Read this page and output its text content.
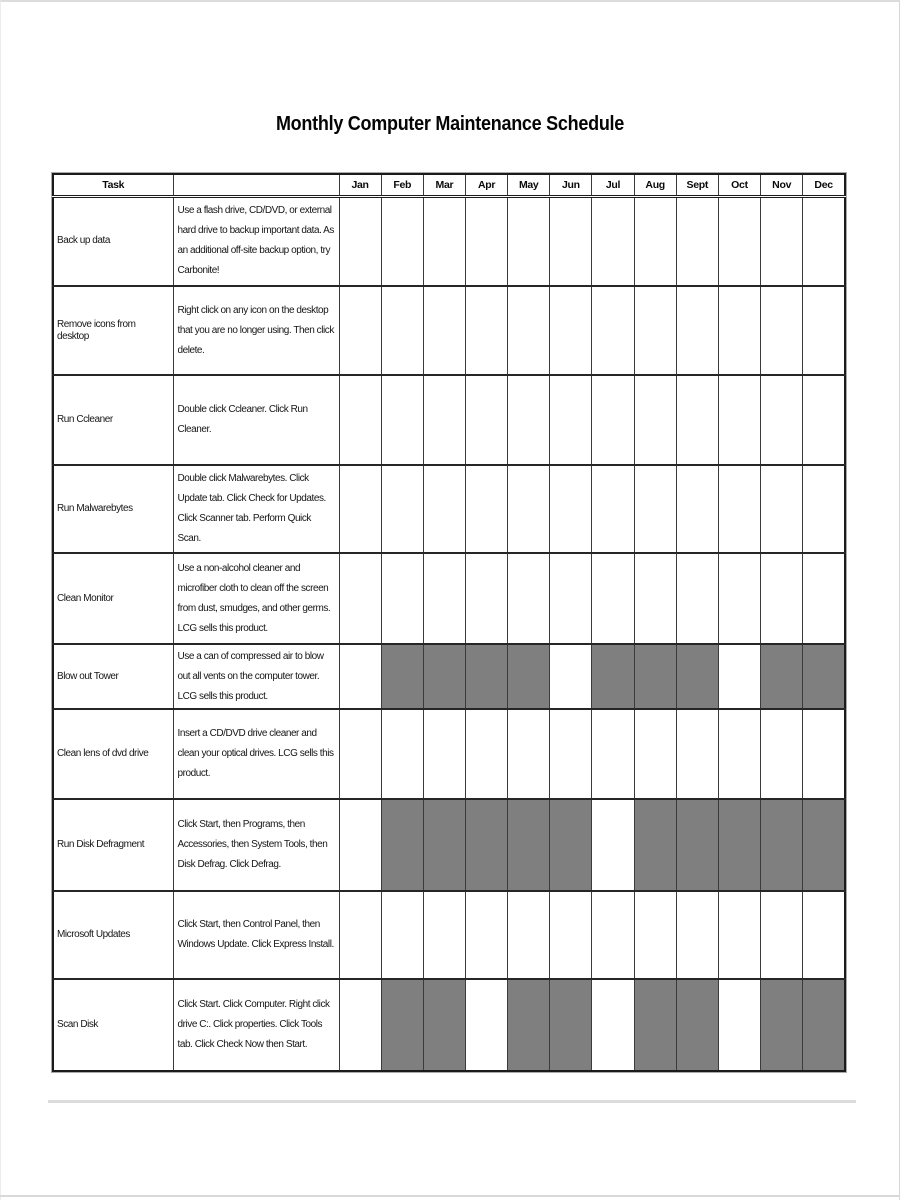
Monthly Computer Maintenance Schedule
Task		Jan	Feb	Mar	Apr	May	Jun	Jul	Aug	Sept	Oct	Nov	Dec
Back up data	Use a flash drive, CD/DVD, or external hard drive to backup important data. As an additional off-site backup option, try Carbonite!												
Remove icons from desktop	Right click on any icon on the desktop that you are no longer using. Then click delete.												
Run Ccleaner	Double click Ccleaner. Click Run Cleaner.												
Run Malwarebytes	Double click Malwarebytes. Click Update tab. Click Check for Updates. Click Scanner tab. Perform Quick Scan.												
Clean Monitor	Use a non-alcohol cleaner and microfiber cloth to clean off the screen from dust, smudges, and other germs. LCG sells this product.												
Blow out Tower	Use a can of compressed air to blow out all vents on the computer tower. LCG sells this product.												
Clean lens of dvd drive	Insert a CD/DVD drive cleaner and clean your optical drives. LCG sells this product.												
Run Disk Defragment	Click Start, then Programs, then Accessories, then System Tools, then Disk Defrag. Click Defrag.												
Microsoft Updates	Click Start, then Control Panel, then Windows Update. Click Express Install.												
Scan Disk	Click Start. Click Computer. Right click drive C:. Click properties. Click Tools tab. Click Check Now then Start.												
